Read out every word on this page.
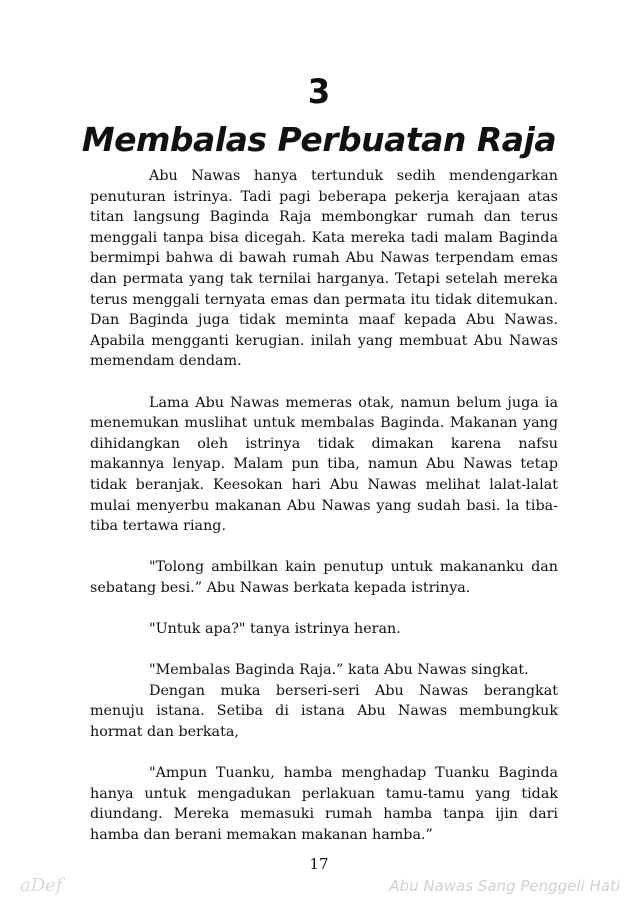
3
Membalas Perbuatan Raja

Abu Nawas hanya tertunduk sedih mendengarkan penuturan istrinya. Tadi pagi beberapa pekerja kerajaan atas titan langsung Baginda Raja membongkar rumah dan terus menggali tanpa bisa dicegah. Kata mereka tadi malam Baginda bermimpi bahwa di bawah rumah Abu Nawas terpendam emas dan permata yang tak ternilai harganya. Tetapi setelah mereka terus menggali ternyata emas dan permata itu tidak ditemukan. Dan Baginda juga tidak meminta maaf kepada Abu Nawas. Apabila mengganti kerugian. inilah yang membuat Abu Nawas memendam dendam.

Lama Abu Nawas memeras otak, namun belum juga ia menemukan muslihat untuk membalas Baginda. Makanan yang dihidangkan oleh istrinya tidak dimakan karena nafsu makannya lenyap. Malam pun tiba, namun Abu Nawas tetap tidak beranjak. Keesokan hari Abu Nawas melihat lalat-lalat mulai menyerbu makanan Abu Nawas yang sudah basi. la tiba-tiba tertawa riang.

"Tolong ambilkan kain penutup untuk makananku dan sebatang besi.” Abu Nawas berkata kepada istrinya.

"Untuk apa?" tanya istrinya heran.

"Membalas Baginda Raja.” kata Abu Nawas singkat.

Dengan muka berseri-seri Abu Nawas berangkat menuju istana. Setiba di istana Abu Nawas membungkuk hormat dan berkata,

"Ampun Tuanku, hamba menghadap Tuanku Baginda hanya untuk mengadukan perlakuan tamu-tamu yang tidak diundang. Mereka memasuki rumah hamba tanpa ijin dari hamba dan berani memakan makanan hamba.”

17
aDef	Abu Nawas Sang Penggeli Hati
